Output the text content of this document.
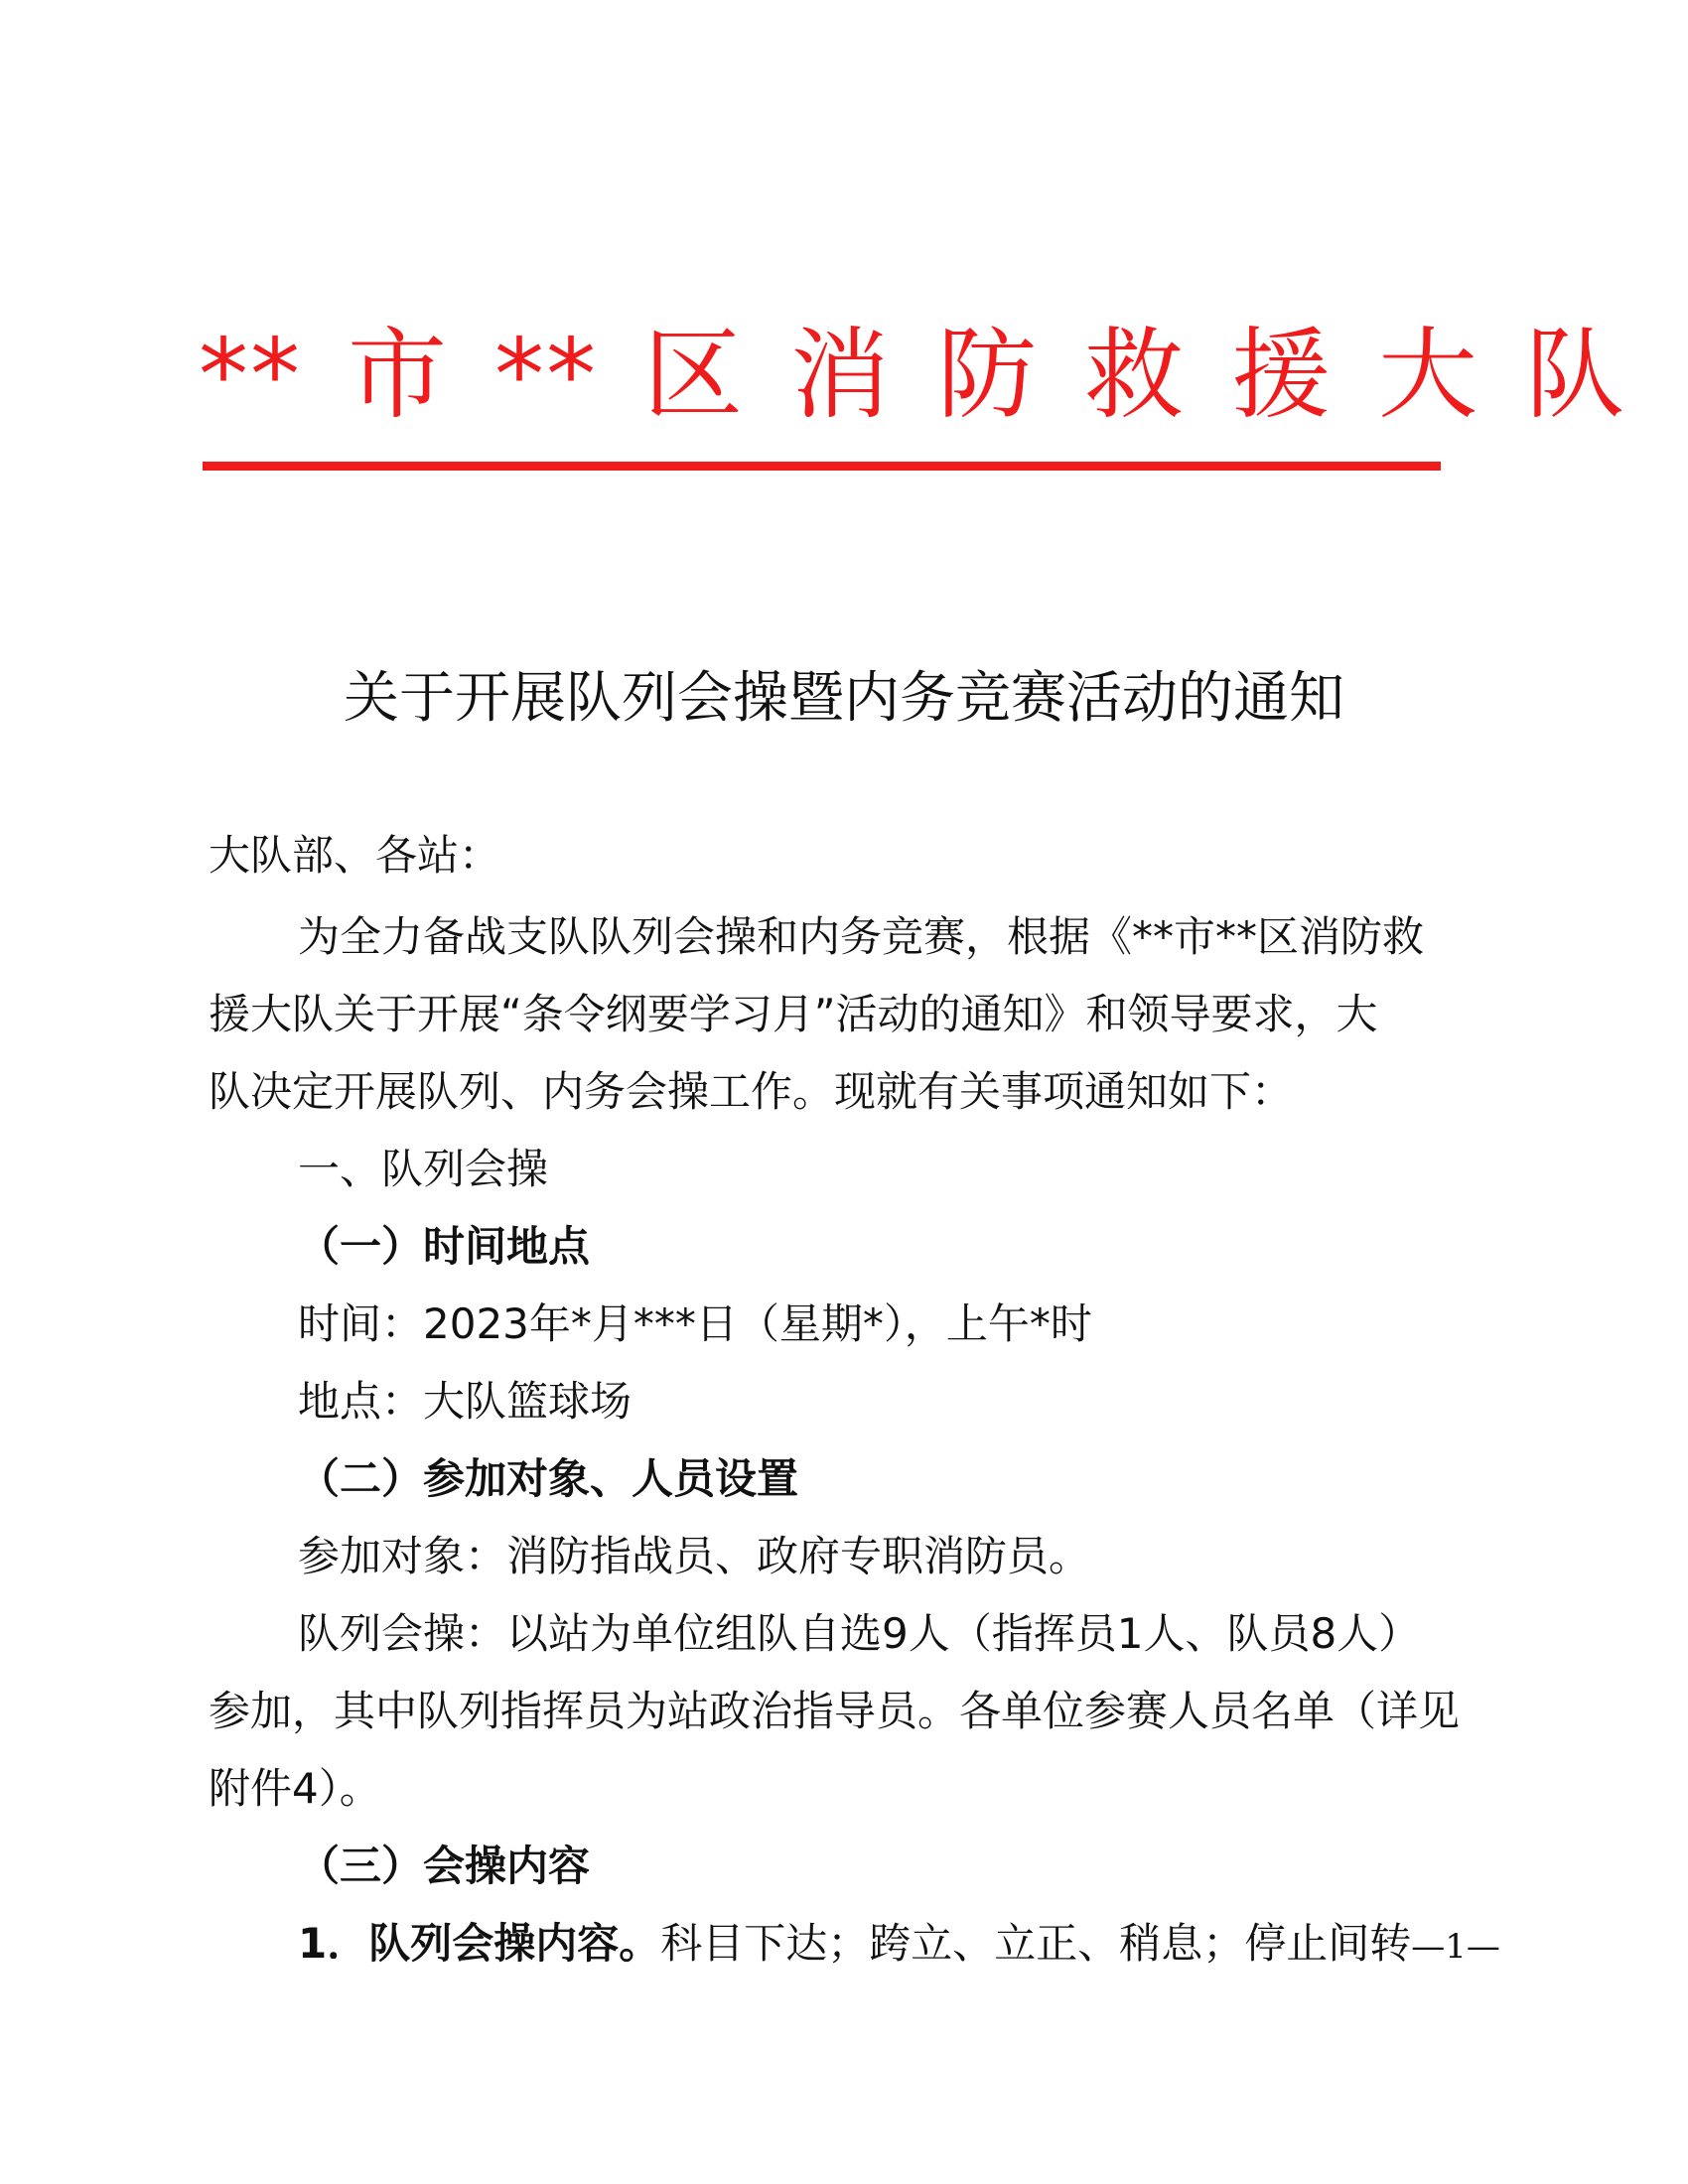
** 市 ** 区 消 防 救 援 大 队
关于开展队列会操暨内务竞赛活动的通知
大队部、各站：
为全力备战支队队列会操和内务竞赛，根据《**市**区消防救
援大队关于开展“条令纲要学习月”活动的通知》和领导要求，大
队决定开展队列、内务会操工作。现就有关事项通知如下：
一、队列会操
（一）时间地点
时间：2023年*月***日（星期*），上午*时
地点：大队篮球场
（二）参加对象、人员设置
参加对象：消防指战员、政府专职消防员。
队列会操：以站为单位组队自选9人（指挥员1人、队员8人）
参加，其中队列指挥员为站政治指导员。各单位参赛人员名单（详见
附件4）。
（三）会操内容
1．队列会操内容。科目下达；跨立、立正、稍息；停止间转—1—
